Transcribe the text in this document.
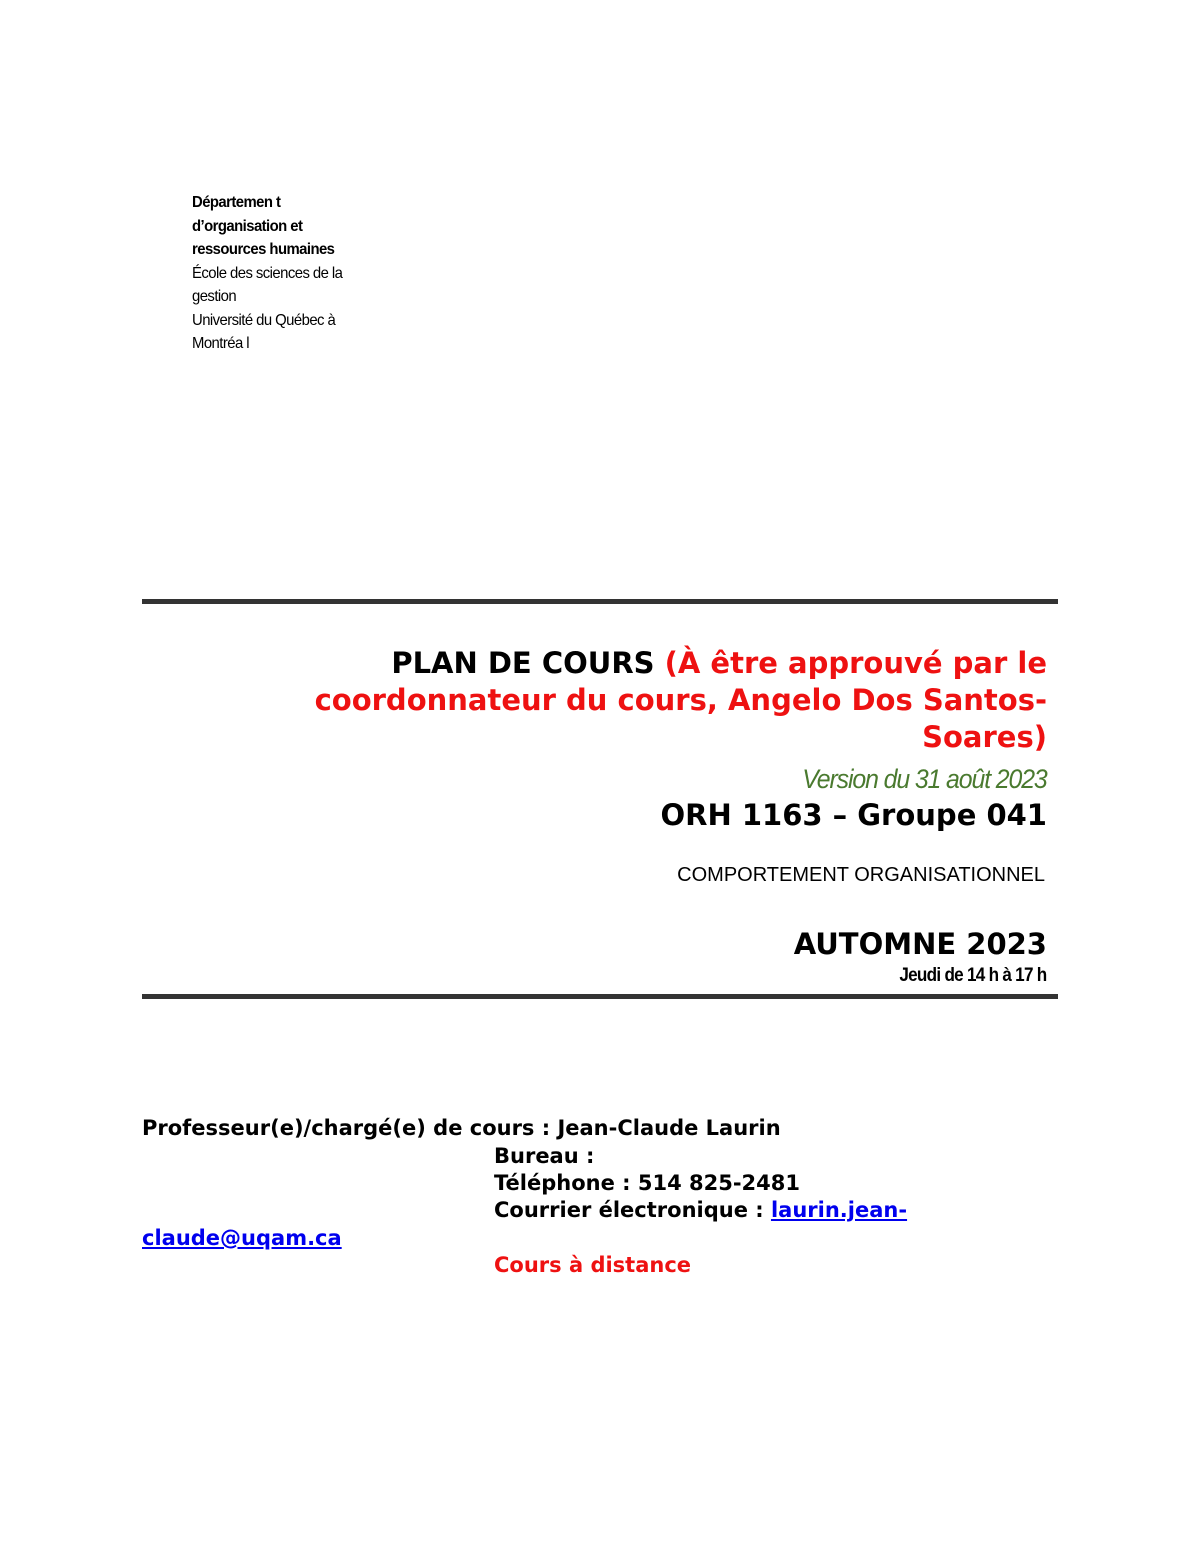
Départemen t
d’organisation et
ressources humaines
École des sciences de la
gestion
Université du Québec à
Montréa l
PLAN DE COURS (À être approuvé par le coordonnateur du cours, Angelo Dos Santos-Soares)
Version du 31 août 2023
ORH 1163 – Groupe 041
COMPORTEMENT ORGANISATIONNEL
AUTOMNE 2023
Jeudi de 14 h à 17 h
Professeur(e)/chargé(e) de cours : Jean-Claude Laurin
Bureau :
Téléphone : 514 825-2481
Courrier électronique : laurin.jean-
claude@uqam.ca
Cours à distance
